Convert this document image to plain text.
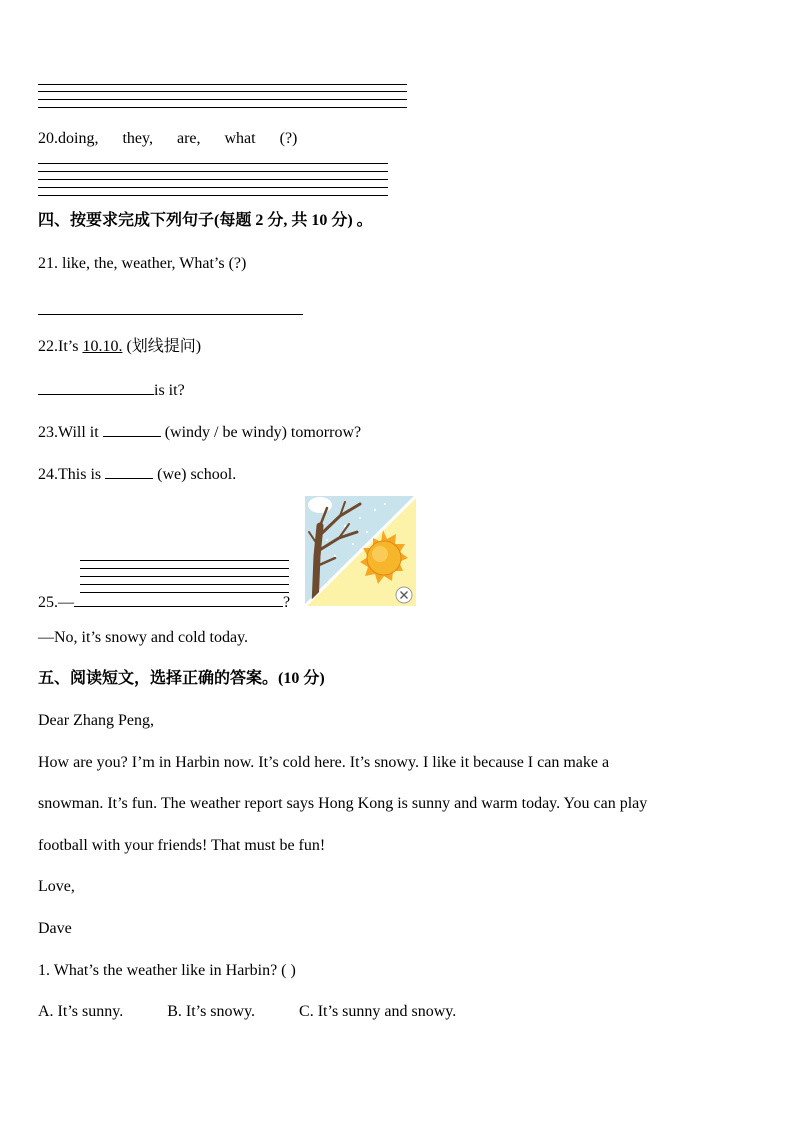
20.doing, they, are, what (?)
四、按要求完成下列句子(每题 2 分, 共 10 分) 。
21. like, the, weather, What’s (?)
22.It’s 10.10. (划线提问)
is it?
23.Will it	(windy / be windy) tomorrow?
24.This is	(we) school.
25.—	?
—No, it’s snowy and cold today.
五、阅读短文，选择正确的答案。(10 分)
Dear Zhang Peng,
How are you? I’m in Harbin now. It’s cold here. It’s snowy. I like it because I can make a
snowman. It’s fun. The weather report says Hong Kong is sunny and warm today. You can play
football with your friends! That must be fun!
Love,
Dave
1. What’s the weather like in Harbin? ( )
A. It’s sunny.	B. It’s snowy.	C. It’s sunny and snowy.
